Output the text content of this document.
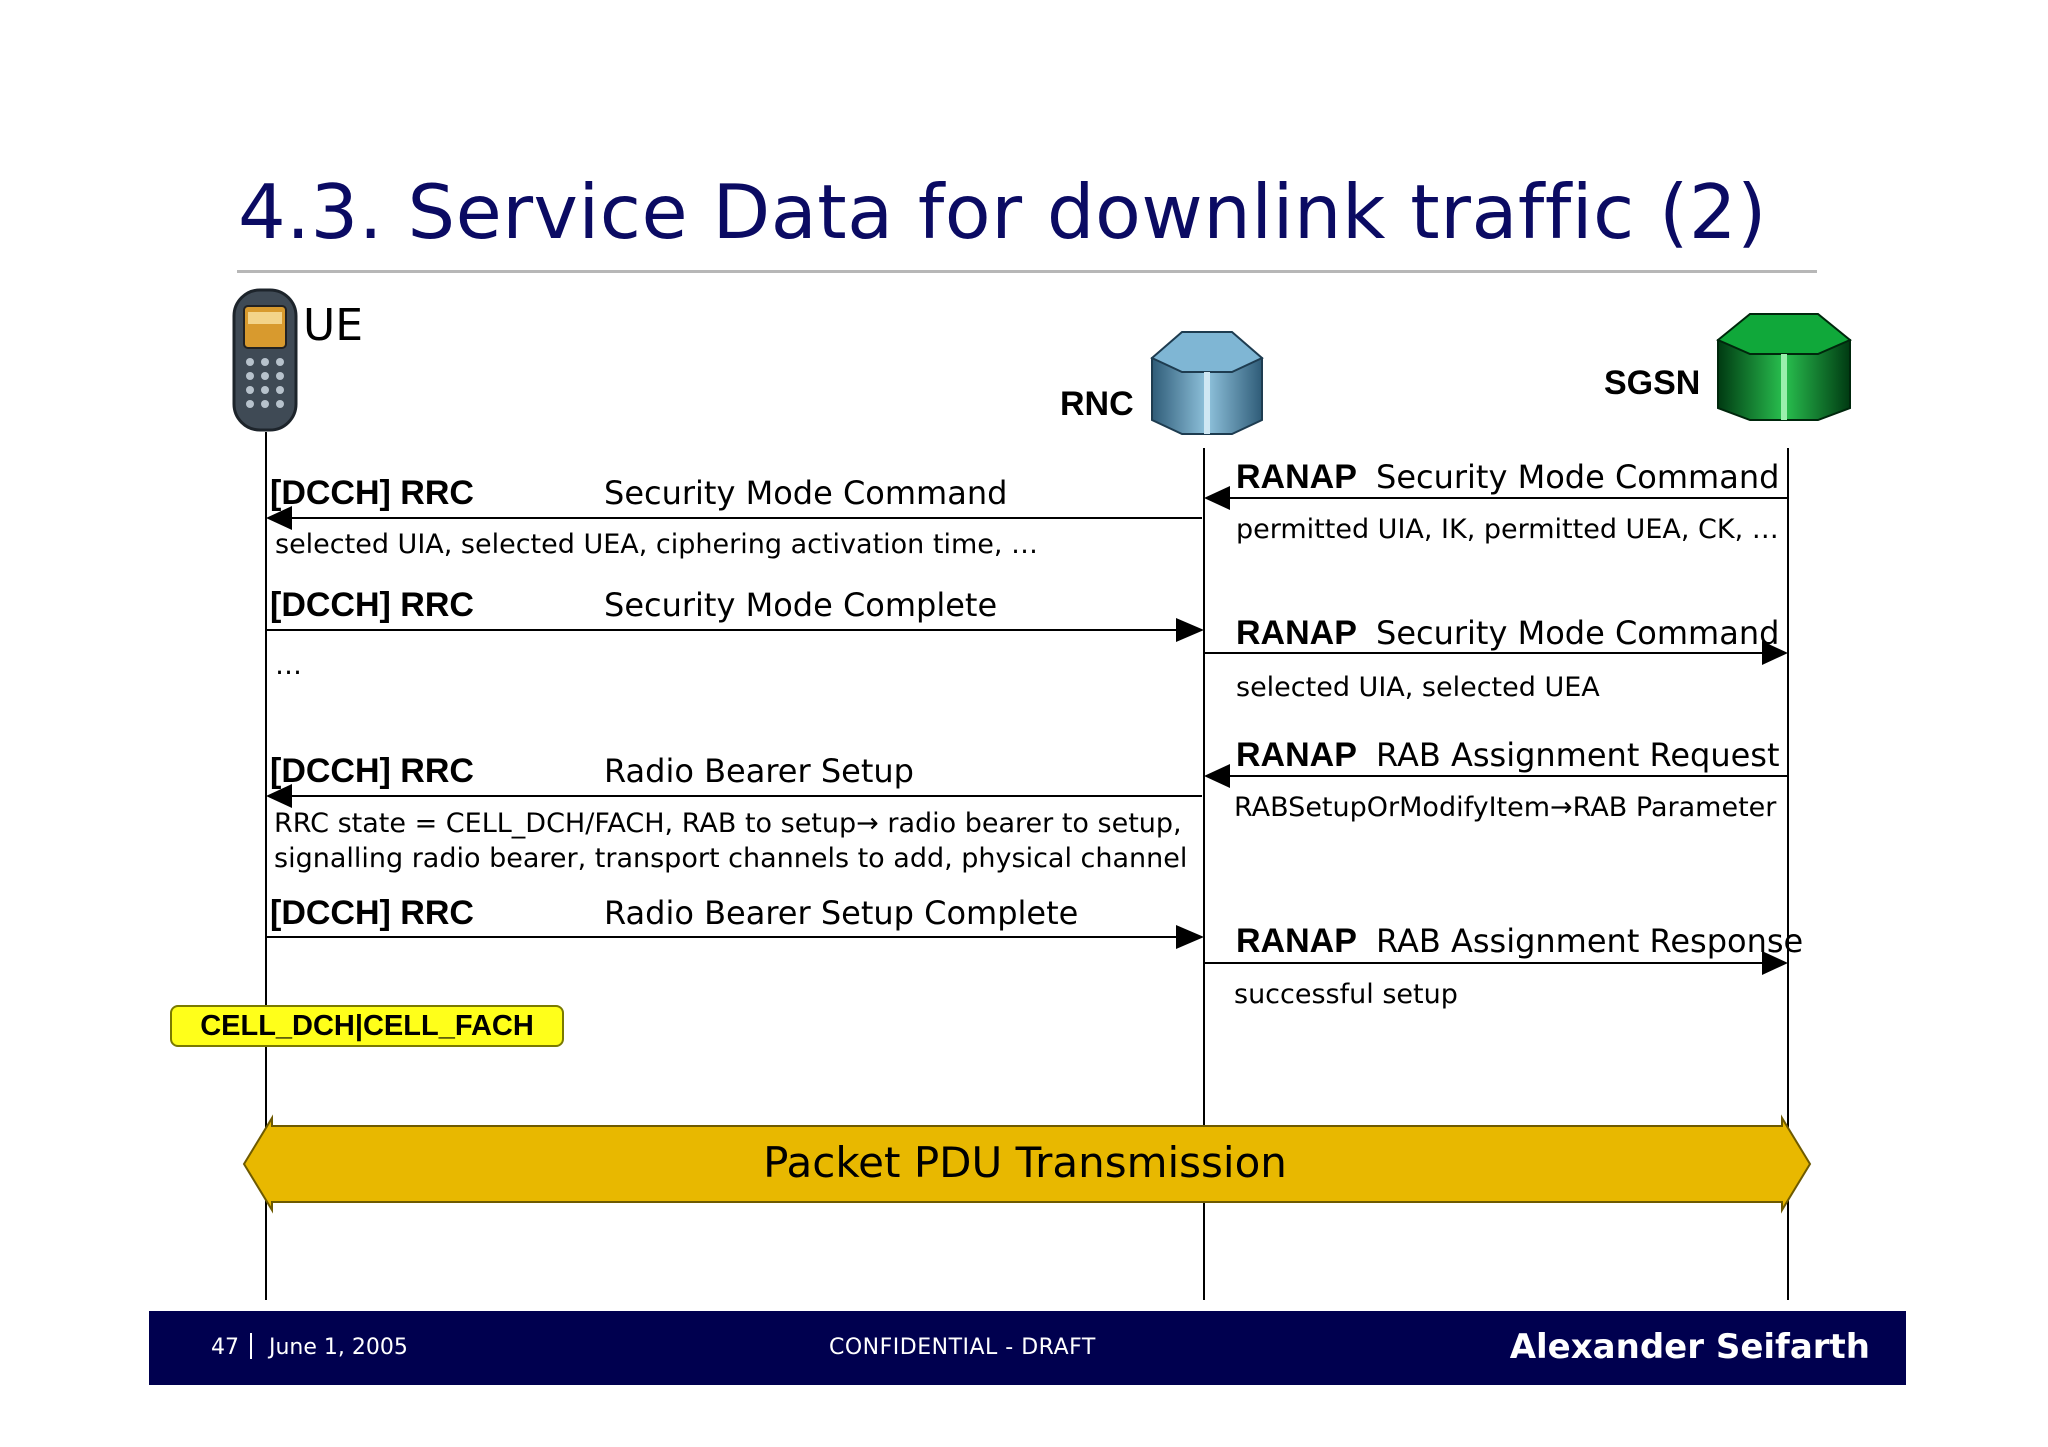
4.3. Service Data for downlink traffic (2)
UE
RNC
SGSN
[DCCH] RRC	Security Mode Command
selected UIA, selected UEA, ciphering activation time, …
[DCCH] RRC	Security Mode Complete
…
[DCCH] RRC	Radio Bearer Setup
RRC state = CELL_DCH/FACH, RAB to setup→ radio bearer to setup,
signalling radio bearer, transport channels to add, physical channel
[DCCH] RRC	Radio Bearer Setup Complete
RANAP Security Mode Command
permitted UIA, IK, permitted UEA, CK, …
RANAP Security Mode Command
selected UIA, selected UEA
RANAP RAB Assignment Request
RABSetupOrModifyItem→RAB Parameter
RANAP RAB Assignment Response
successful setup
CELL_DCH|CELL_FACH
Packet PDU Transmission
47 June 1, 2005	CONFIDENTIAL - DRAFT	Alexander Seifarth
